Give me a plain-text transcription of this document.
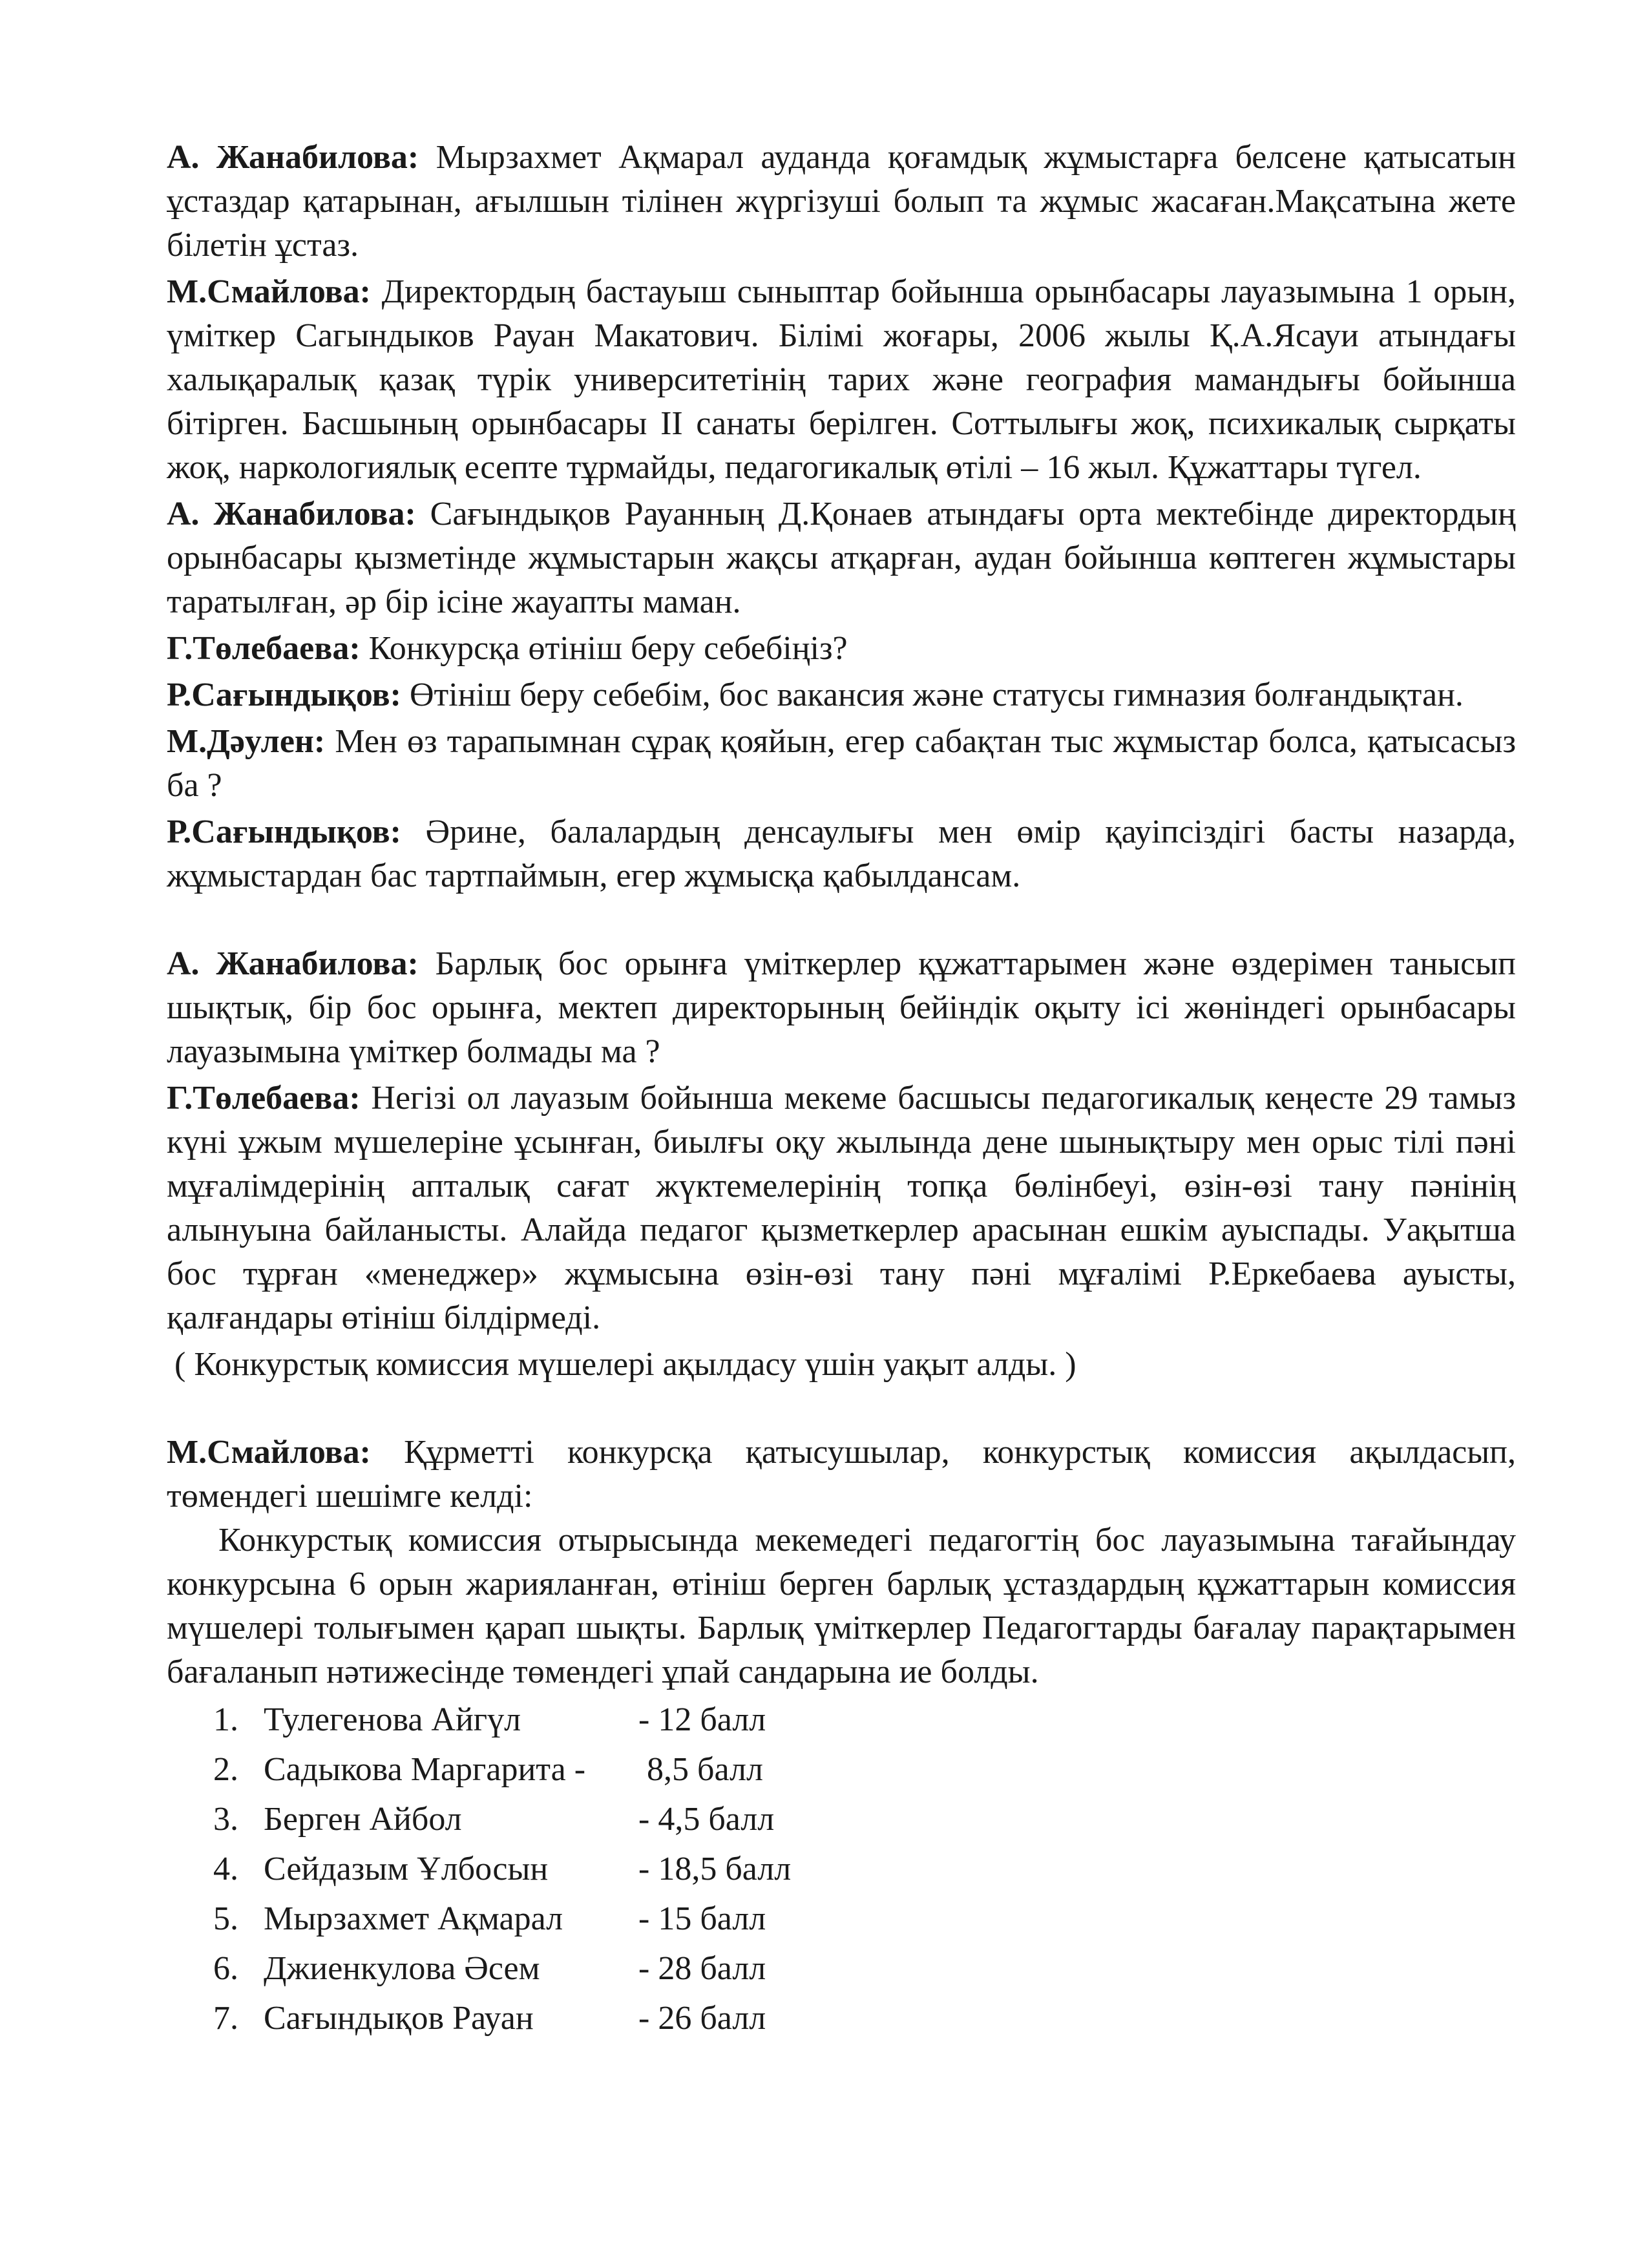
А. Жанабилова: Мырзахмет Ақмарал ауданда қоғамдық жұмыстарға белсене қатысатын ұстаздар қатарынан, ағылшын тілінен жүргізуші болып та жұмыс жасаған.Мақсатына жете білетін ұстаз.

М.Смайлова: Директордың бастауыш сыныптар бойынша орынбасары лауазымына 1 орын, үміткер Сагындыков Рауан Макатович. Білімі жоғары, 2006 жылы Қ.А.Ясауи атындағы халықаралық қазақ түрік университетінің тарих және география мамандығы бойынша бітірген. Басшының орынбасары II санаты берілген. Соттылығы жоқ, психикалық сырқаты жоқ, наркологиялық есепте тұрмайды, педагогикалық өтілі – 16 жыл. Құжаттары түгел.

А. Жанабилова: Сағындықов Рауанның Д.Қонаев атындағы орта мектебінде директордың орынбасары қызметінде жұмыстарын жақсы атқарған, аудан бойынша көптеген жұмыстары таратылған, әр бір ісіне жауапты маман.

Г.Төлебаева: Конкурсқа өтініш беру себебіңіз?

Р.Сағындықов: Өтініш беру себебім, бос вакансия және статусы гимназия болғандықтан.

М.Дәулен: Мен өз тарапымнан сұрақ қояйын, егер сабақтан тыс жұмыстар болса, қатысасыз ба ?

Р.Сағындықов: Әрине, балалардың денсаулығы мен өмір қауіпсіздігі басты назарда, жұмыстардан бас тартпаймын, егер жұмысқа қабылдансам.

А. Жанабилова: Барлық бос орынға үміткерлер құжаттарымен және өздерімен танысып шықтық, бір бос орынға, мектеп директорының бейіндік оқыту ісі жөніндегі орынбасары лауазымына үміткер болмады ма ?

Г.Төлебаева: Негізі ол лауазым бойынша мекеме басшысы педагогикалық кеңесте 29 тамыз күні ұжым мүшелеріне ұсынған, биылғы оқу жылында дене шынықтыру мен орыс тілі пәні мұғалімдерінің апталық сағат жүктемелерінің топқа бөлінбеуі, өзін-өзі тану пәнінің алынуына байланысты. Алайда педагог қызметкерлер арасынан ешкім ауыспады. Уақытша бос тұрған «менеджер» жұмысына өзін-өзі тану пәні мұғалімі Р.Еркебаева ауысты, қалғандары өтініш білдірмеді.

( Конкурстық комиссия мүшелері ақылдасу үшін уақыт алды. )

М.Смайлова: Құрметті конкурсқа қатысушылар, конкурстық комиссия ақылдасып, төмендегі шешімге келді:

Конкурстық комиссия отырысында мекемедегі педагогтің бос лауазымына тағайындау конкурсына 6 орын жарияланған, өтініш берген барлық ұстаздардың құжаттарын комиссия мүшелері толығымен қарап шықты. Барлық үміткерлер Педагогтарды бағалау парақтарымен бағаланып нәтижесінде төмендегі ұпай сандарына ие болды.

1. Тулегенова Айгүл	- 12 балл
2. Садыкова Маргарита -	8,5 балл
3. Берген Айбол	- 4,5 балл
4. Сейдазым Ұлбосын	- 18,5 балл
5. Мырзахмет Ақмарал	- 15 балл
6. Джиенкулова Әсем	- 28 балл
7. Сағындықов Рауан	- 26 балл
